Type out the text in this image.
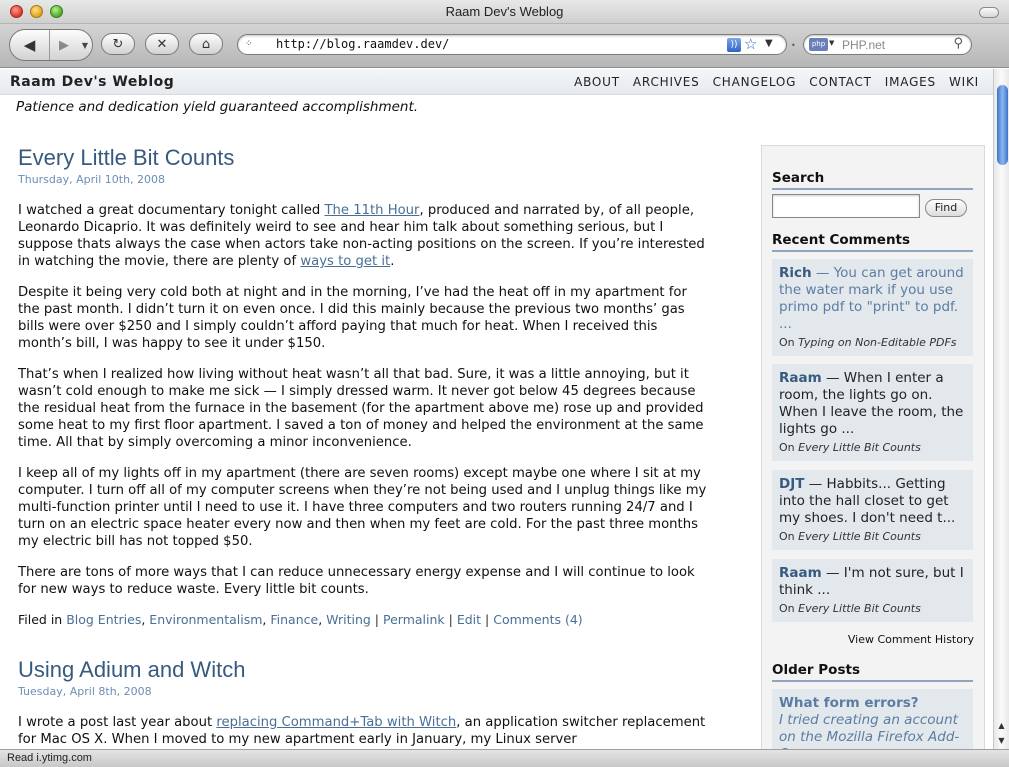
Raam Dev's Weblog
◀ ▶ ▼ ↻	✕	⌂	⁘	http://blog.raamdev.dev/	)) ☆ ▼ •	php ▼ PHP.net	⚲
Raam Dev's Weblog	ABOUT ARCHIVES CHANGELOG CONTACT IMAGES WIKI
Patience and dedication yield guaranteed accomplishment.
Every Little Bit Counts
Thursday, April 10th, 2008

I watched a great documentary tonight called The 11th Hour, produced and narrated by, of all people, Leonardo Dicaprio. It was definitely weird to see and hear him talk about something serious, but I suppose thats always the case when actors take non-acting positions on the screen. If you’re interested in watching the movie, there are plenty of ways to get it.

Despite it being very cold both at night and in the morning, I’ve had the heat off in my apartment for the past month. I didn’t turn it on even once. I did this mainly because the previous two months’ gas bills were over $250 and I simply couldn’t afford paying that much for heat. When I received this month’s bill, I was happy to see it under $150.

That’s when I realized how living without heat wasn’t all that bad. Sure, it was a little annoying, but it wasn’t cold enough to make me sick — I simply dressed warm. It never got below 45 degrees because the residual heat from the furnace in the basement (for the apartment above me) rose up and provided some heat to my first floor apartment. I saved a ton of money and helped the environment at the same time. All that by simply overcoming a minor inconvenience.

I keep all of my lights off in my apartment (there are seven rooms) except maybe one where I sit at my computer. I turn off all of my computer screens when they’re not being used and I unplug things like my multi-function printer until I need to use it. I have three computers and two routers running 24/7 and I turn on an electric space heater every now and then when my feet are cold. For the past three months my electric bill has not topped $50.

There are tons of more ways that I can reduce unnecessary energy expense and I will continue to look for new ways to reduce waste. Every little bit counts.

Filed in Blog Entries, Environmentalism, Finance, Writing | Permalink | Edit | Comments (4)
Using Adium and Witch
Tuesday, April 8th, 2008

I wrote a post last year about replacing Command+Tab with Witch, an application switcher replacement for Mac OS X. When I moved to my new apartment early in January, my Linux server

Search
Find
Recent Comments
Rich — You can get around the water mark if you use primo pdf to "print" to pdf. ...
On Typing on Non-Editable PDFs
Raam — When I enter a room, the lights go on. When I leave the room, the lights go ...
On Every Little Bit Counts
DJT — Habbits... Getting into the hall closet to get my shoes. I don't need t...
On Every Little Bit Counts
Raam — I'm not sure, but I think ...
On Every Little Bit Counts
View Comment History
Older Posts
What form errors?
I tried creating an account on the Mozilla Firefox Add-
▲
▼
Read i.ytimg.com
